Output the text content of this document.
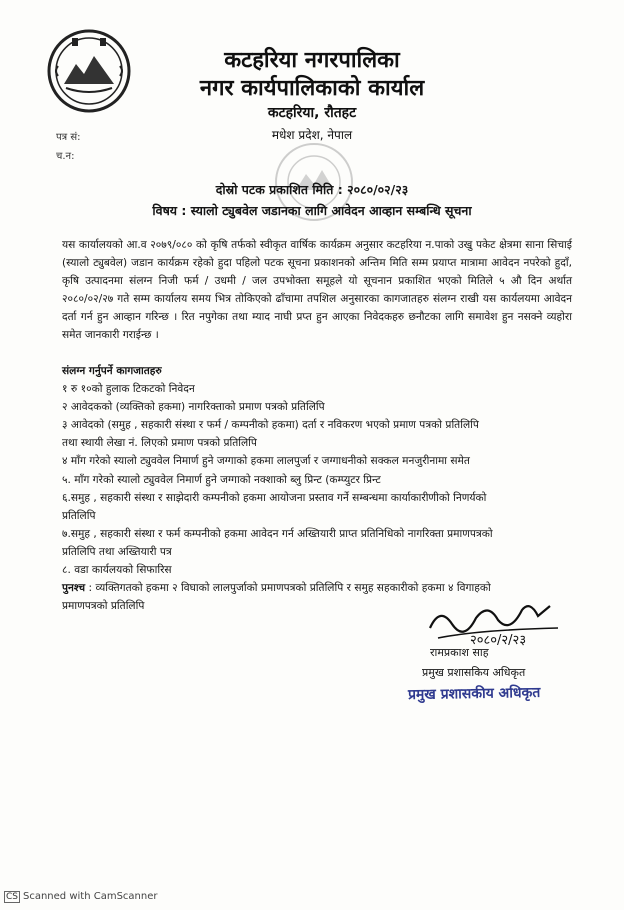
कटहरिया नगरपालिका
नगर कार्यपालिकाको कार्याल
कटहरिया, रौतहट
मधेश प्रदेश, नेपाल
पत्र सं:
च.न:
दोस्रो पटक प्रकाशित मिति : २०८०/०२/२३
विषय : स्यालो ट्युबवेल जडानका लागि आवेदन आव्हान सम्बन्धि सूचना
यस कार्यालयको आ.व २०७९/०८० को कृषि तर्फको स्वीकृत वार्षिक कार्यक्रम अनुसार कटहरिया न.पाको उखु पकेट क्षेत्रमा साना सिचाई (स्यालो ट्युबवेल) जडान कार्यक्रम रहेको हुदा पहिलो पटक सूचना प्रकाशनको अन्तिम मिति सम्म प्रयाप्त मात्रामा आवेदन नपरेको हुदाँ, कृषि उत्पादनमा संलग्न निजी फर्म / उधमी / जल उपभोक्ता समूहले यो सूचनान प्रकाशित भएको मितिले ५ औ दिन अर्थात २०८०/०२/२७ गते सम्म कार्यालय समय भित्र तोकिएको ढाँचामा तपशिल अनुसारका कागजातहरु संलग्न राखी यस कार्यलयमा आवेदन दर्ता गर्न हुन आव्हान गरिन्छ । रित नपुगेका तथा म्याद नाघी प्रप्त हुन आएका निवेदकहरु छनौटका लागि समावेश हुन नसक्ने व्यहोरा समेत जानकारी गराईन्छ ।
संलग्न गर्नुपर्ने कागजातहरु
१ रु १०को हुलाक टिकटको निवेदन
२ आवेदकको (व्यक्तिको हकमा) नागरिक्ताको प्रमाण पत्रको प्रतिलिपि
३ आवेदको (समुह , सहकारी संस्था र फर्म / कम्पनीको हकमा) दर्ता र नविकरण भएको प्रमाण पत्रको प्रतिलिपि
तथा स्थायी लेखा नं. लिएको प्रमाण पत्रको प्रतिलिपि
४ माँग गरेको स्यालो ट्युववेल निमार्ण हुने जग्गाको हकमा लालपुर्जा र जग्गाधनीको सक्कल मनजुरीनामा समेत
५. माँग गरेको स्यालो ट्युववेल निमार्ण हुने जग्गाको नक्शाको ब्लु प्रिन्ट (कम्प्युटर प्रिन्ट
६.समुह , सहकारी संस्था र साझेदारी कम्पनीको हकमा आयोजना प्रस्ताव गर्ने सम्बन्धमा कार्याकारीणीको निणर्यको
प्रतिलिपि
७.समुह , सहकारी संस्था र फर्म कम्पनीको हकमा आवेदन गर्न अख्तियारी प्राप्त प्रतिनिधिको नागरिक्ता प्रमाणपत्रको
प्रतिलिपि तथा अख्तियारी पत्र
८. वडा कार्यलयको सिफारिस
पुनश्च : व्यक्तिगतको हकमा २ विघाको लालपुर्जाको प्रमाणपत्रको प्रतिलिपि र समुह सहकारीको हकमा ४ विगाहको
प्रमाणपत्रको प्रतिलिपि
२०८०/२/२३
रामप्रकाश साह
प्रमुख प्रशासकिय अधिकृत
प्रमुख प्रशासकीय अधिकृत
CS Scanned with CamScanner
